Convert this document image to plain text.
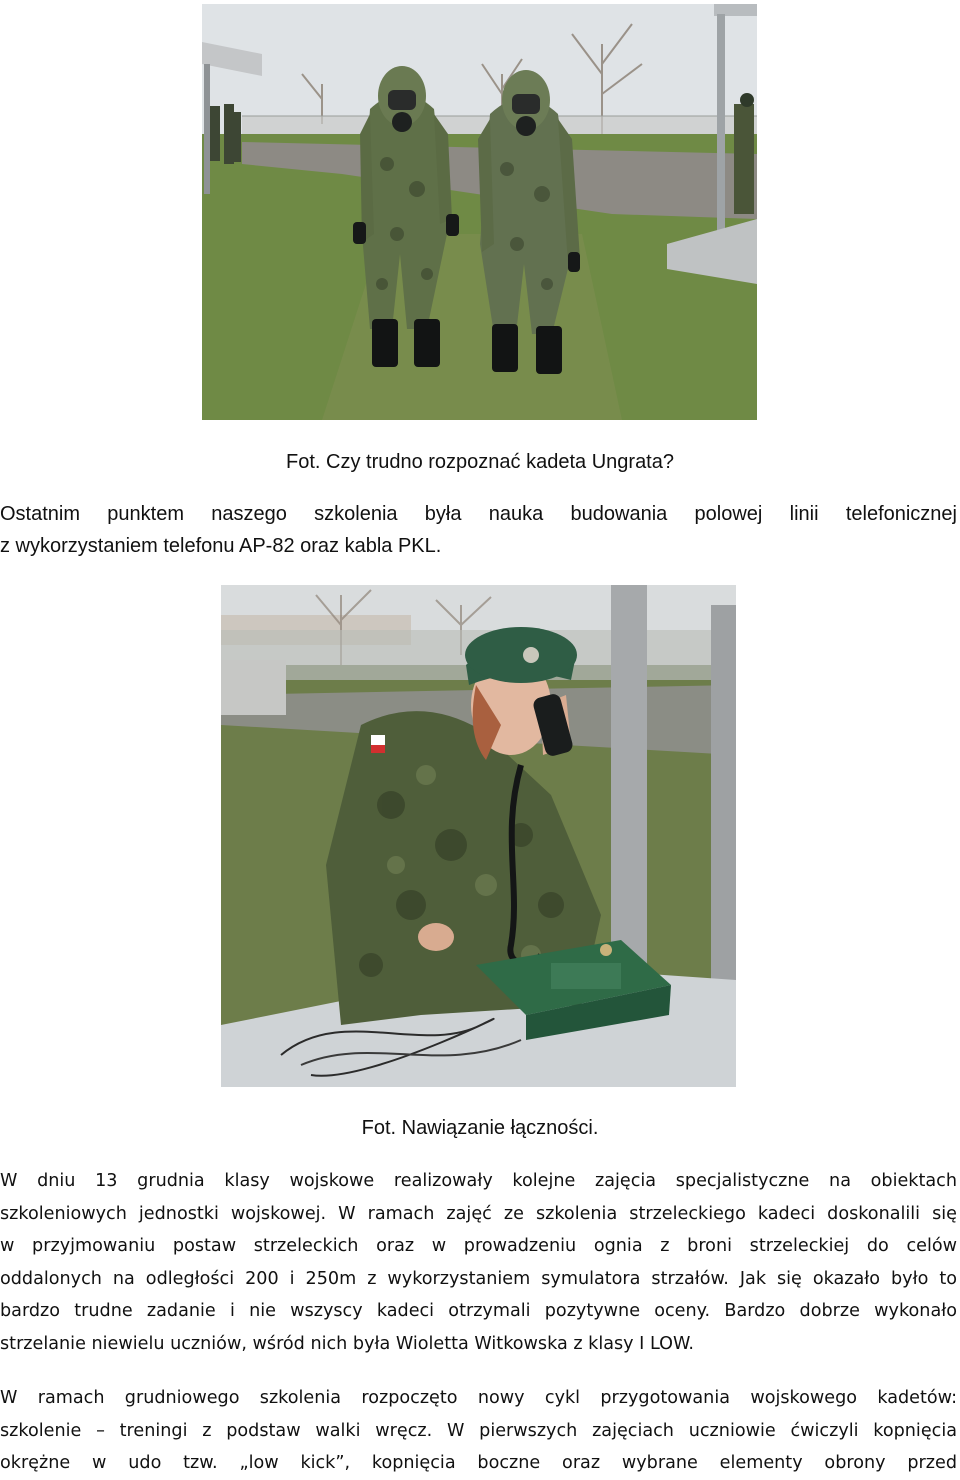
Fot. Czy trudno rozpoznać kadeta Ungrata?
Ostatnim punktem naszego szkolenia była nauka budowania polowej linii telefonicznej
z wykorzystaniem telefonu AP-82 oraz kabla PKL.
Fot. Nawiązanie łączności.
W dniu 13 grudnia klasy wojskowe realizowały kolejne zajęcia specjalistyczne na obiektach
szkoleniowych jednostki wojskowej. W ramach zajęć ze szkolenia strzeleckiego kadeci doskonalili się
w przyjmowaniu postaw strzeleckich oraz w prowadzeniu ognia z broni strzeleckiej do celów
oddalonych na odległości 200 i 250m z wykorzystaniem symulatora strzałów. Jak się okazało było to
bardzo trudne zadanie i nie wszyscy kadeci otrzymali pozytywne oceny. Bardzo dobrze wykonało
strzelanie niewielu uczniów, wśród nich była Wioletta Witkowska z klasy I LOW.
W ramach grudniowego szkolenia rozpoczęto nowy cykl przygotowania wojskowego kadetów:
szkolenie – treningi z podstaw walki wręcz. W pierwszych zajęciach uczniowie ćwiczyli kopnięcia
okrężne w udo tzw. „low kick”, kopnięcia boczne oraz wybrane elementy obrony przed
